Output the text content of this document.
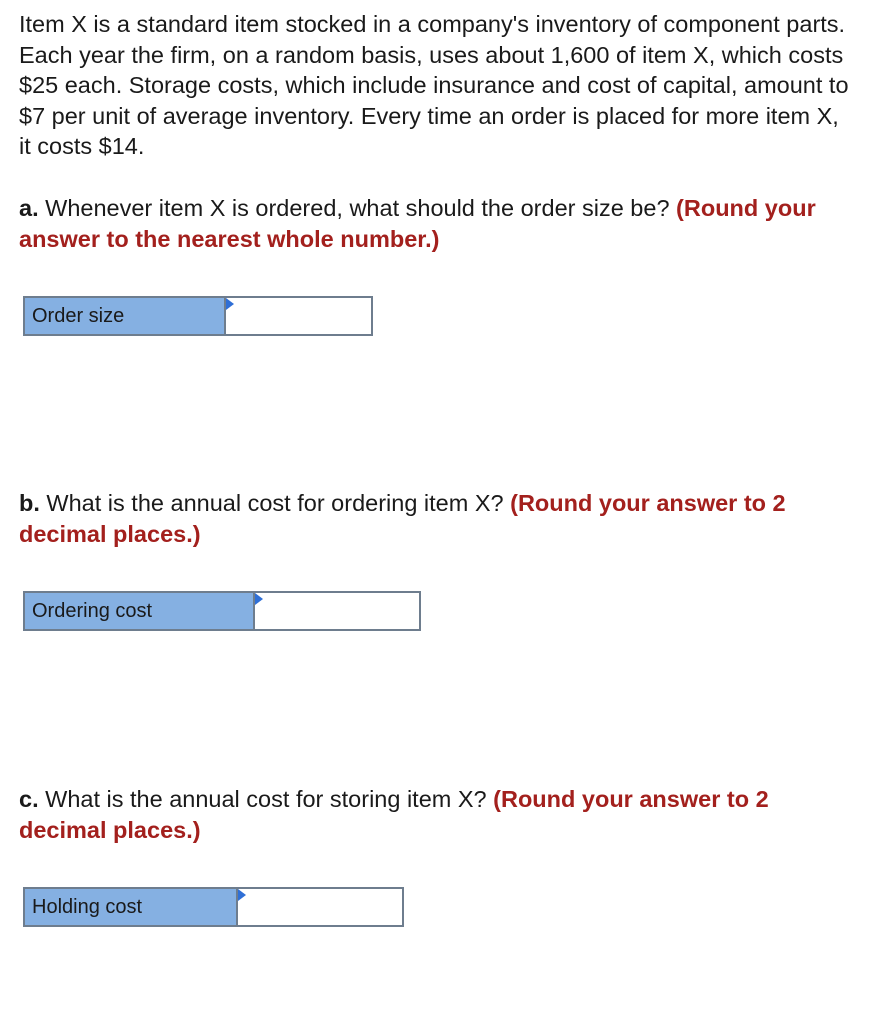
Item X is a standard item stocked in a company's inventory of component parts. Each year the firm, on a random basis, uses about 1,600 of item X, which costs $25 each. Storage costs, which include insurance and cost of capital, amount to $7 per unit of average inventory. Every time an order is placed for more item X, it costs $14.

a. Whenever item X is ordered, what should the order size be? (Round your answer to the nearest whole number.)

Order size

b. What is the annual cost for ordering item X? (Round your answer to 2 decimal places.)

Ordering cost

c. What is the annual cost for storing item X? (Round your answer to 2 decimal places.)

Holding cost
